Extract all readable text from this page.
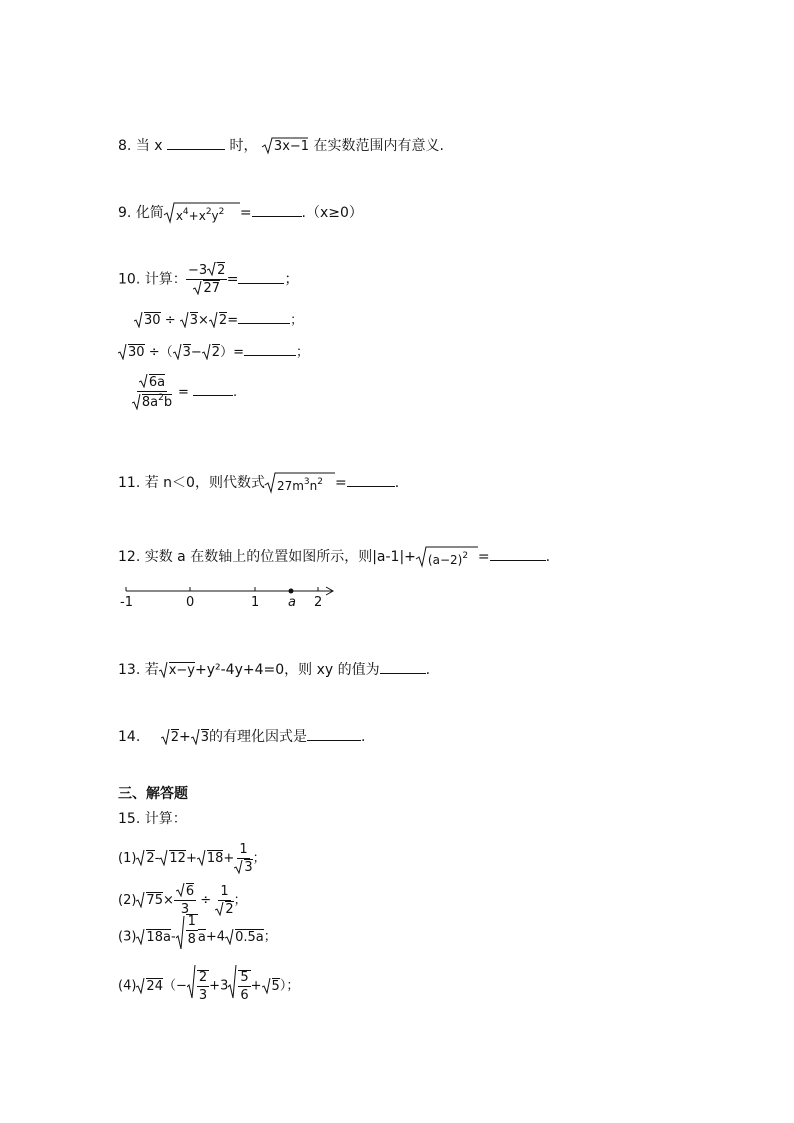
8. 当 x	时， 3x−1 在实数范围内有意义.
9. 化简 $x^4+x^2y^2$ =	.（x≥0）
10. 计算： $\frac{-3 2}{27}$ =	；
30 ÷ 3× 2=	；
30 ÷（ 3− 2）=	；
$\frac{6a}{8a^2b}$ =	.
11. 若 n＜0，则代数式 $27m^3n^2$ =	.
12. 实数 a 在数轴上的位置如图所示，则$|a-1|+ (a-2)^2$ =	.
-1	0	1 a 2
13. 若 x−y+y²-4y+4=0，则 xy 的值为	.
14. 2+ 3的有理化因式是	.
三、解答题
15. 计算：
(1) 2- $12+ 18+ \frac{1}{3}$ ；
(2) $75\times \frac{6}{3} \div \frac{1}{2}$ ；
(3) $18a- \frac{1}{8} a+4$ 0.5a；
(4) $24(- \frac{2}{3} +3 \frac{5}{6} + 5)$；
